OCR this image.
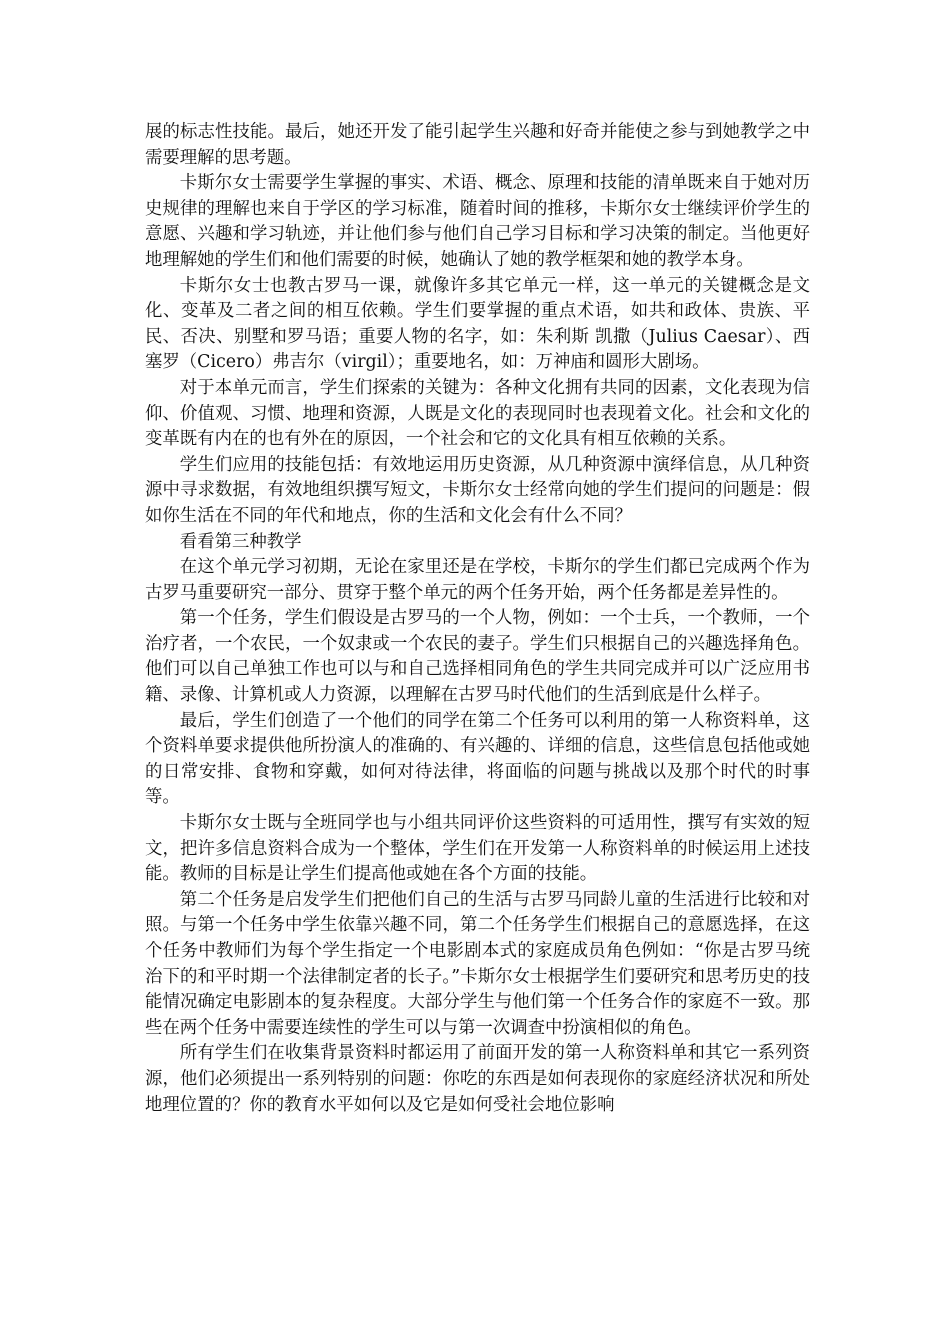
展的标志性技能。最后，她还开发了能引起学生兴趣和好奇并能使之参与到她教学之中需要理解的思考题。

卡斯尔女士需要学生掌握的事实、术语、概念、原理和技能的清单既来自于她对历史规律的理解也来自于学区的学习标准，随着时间的推移，卡斯尔女士继续评价学生的意愿、兴趣和学习轨迹，并让他们参与他们自己学习目标和学习决策的制定。当他更好地理解她的学生们和他们需要的时候，她确认了她的教学框架和她的教学本身。

卡斯尔女士也教古罗马一课，就像许多其它单元一样，这一单元的关键概念是文化、变革及二者之间的相互依赖。学生们要掌握的重点术语，如共和政体、贵族、平民、否决、别墅和罗马语；重要人物的名字，如：朱利斯 凯撒（Julius Caesar）、西塞罗（Cicero）弗吉尔（virgil）；重要地名，如：万神庙和圆形大剧场。

对于本单元而言，学生们探索的关键为：各种文化拥有共同的因素，文化表现为信仰、价值观、习惯、地理和资源，人既是文化的表现同时也表现着文化。社会和文化的变革既有内在的也有外在的原因，一个社会和它的文化具有相互依赖的关系。

学生们应用的技能包括：有效地运用历史资源，从几种资源中演绎信息，从几种资源中寻求数据，有效地组织撰写短文，卡斯尔女士经常向她的学生们提问的问题是：假如你生活在不同的年代和地点，你的生活和文化会有什么不同？

看看第三种教学

在这个单元学习初期，无论在家里还是在学校，卡斯尔的学生们都已完成两个作为古罗马重要研究一部分、贯穿于整个单元的两个任务开始，两个任务都是差异性的。

第一个任务，学生们假设是古罗马的一个人物，例如：一个士兵，一个教师，一个治疗者，一个农民，一个奴隶或一个农民的妻子。学生们只根据自己的兴趣选择角色。他们可以自己单独工作也可以与和自己选择相同角色的学生共同完成并可以广泛应用书籍、录像、计算机或人力资源，以理解在古罗马时代他们的生活到底是什么样子。

最后，学生们创造了一个他们的同学在第二个任务可以利用的第一人称资料单，这个资料单要求提供他所扮演人的准确的、有兴趣的、详细的信息，这些信息包括他或她的日常安排、食物和穿戴，如何对待法律，将面临的问题与挑战以及那个时代的时事等。

卡斯尔女士既与全班同学也与小组共同评价这些资料的可适用性，撰写有实效的短文，把许多信息资料合成为一个整体，学生们在开发第一人称资料单的时候运用上述技能。教师的目标是让学生们提高他或她在各个方面的技能。

第二个任务是启发学生们把他们自己的生活与古罗马同龄儿童的生活进行比较和对照。与第一个任务中学生依靠兴趣不同，第二个任务学生们根据自己的意愿选择，在这个任务中教师们为每个学生指定一个电影剧本式的家庭成员角色例如：“你是古罗马统治下的和平时期一个法律制定者的长子。”卡斯尔女士根据学生们要研究和思考历史的技能情况确定电影剧本的复杂程度。大部分学生与他们第一个任务合作的家庭不一致。那些在两个任务中需要连续性的学生可以与第一次调查中扮演相似的角色。

所有学生们在收集背景资料时都运用了前面开发的第一人称资料单和其它一系列资源，他们必须提出一系列特别的问题：你吃的东西是如何表现你的家庭经济状况和所处地理位置的？你的教育水平如何以及它是如何受社会地位影响
